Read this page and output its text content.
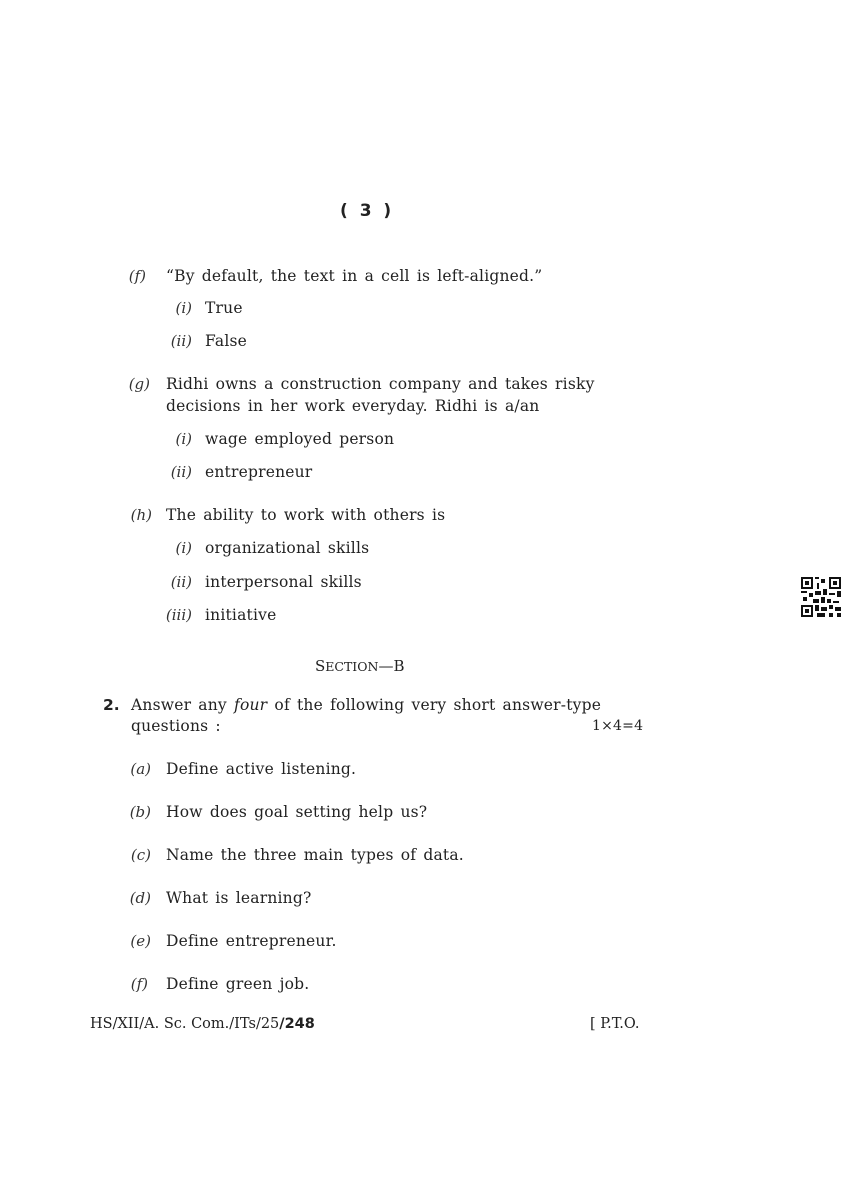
( 3 )
(f) “By default, the text in a cell is left-aligned.”
(i) True
(ii) False
(g) Ridhi owns a construction company and takes risky
decisions in her work everyday. Ridhi is a/an
(i) wage employed person
(ii) entrepreneur
(h) The ability to work with others is
(i) organizational skills
(ii) interpersonal skills
(iii) initiative
SECTION—B
2. Answer any four of the following very short answer-type
questions :	1×4=4
(a) Define active listening.
(b) How does goal setting help us?
(c) Name the three main types of data.
(d) What is learning?
(e) Define entrepreneur.
(f) Define green job.
HS/XII/A. Sc. Com./ITs/25/248	[ P.T.O.
